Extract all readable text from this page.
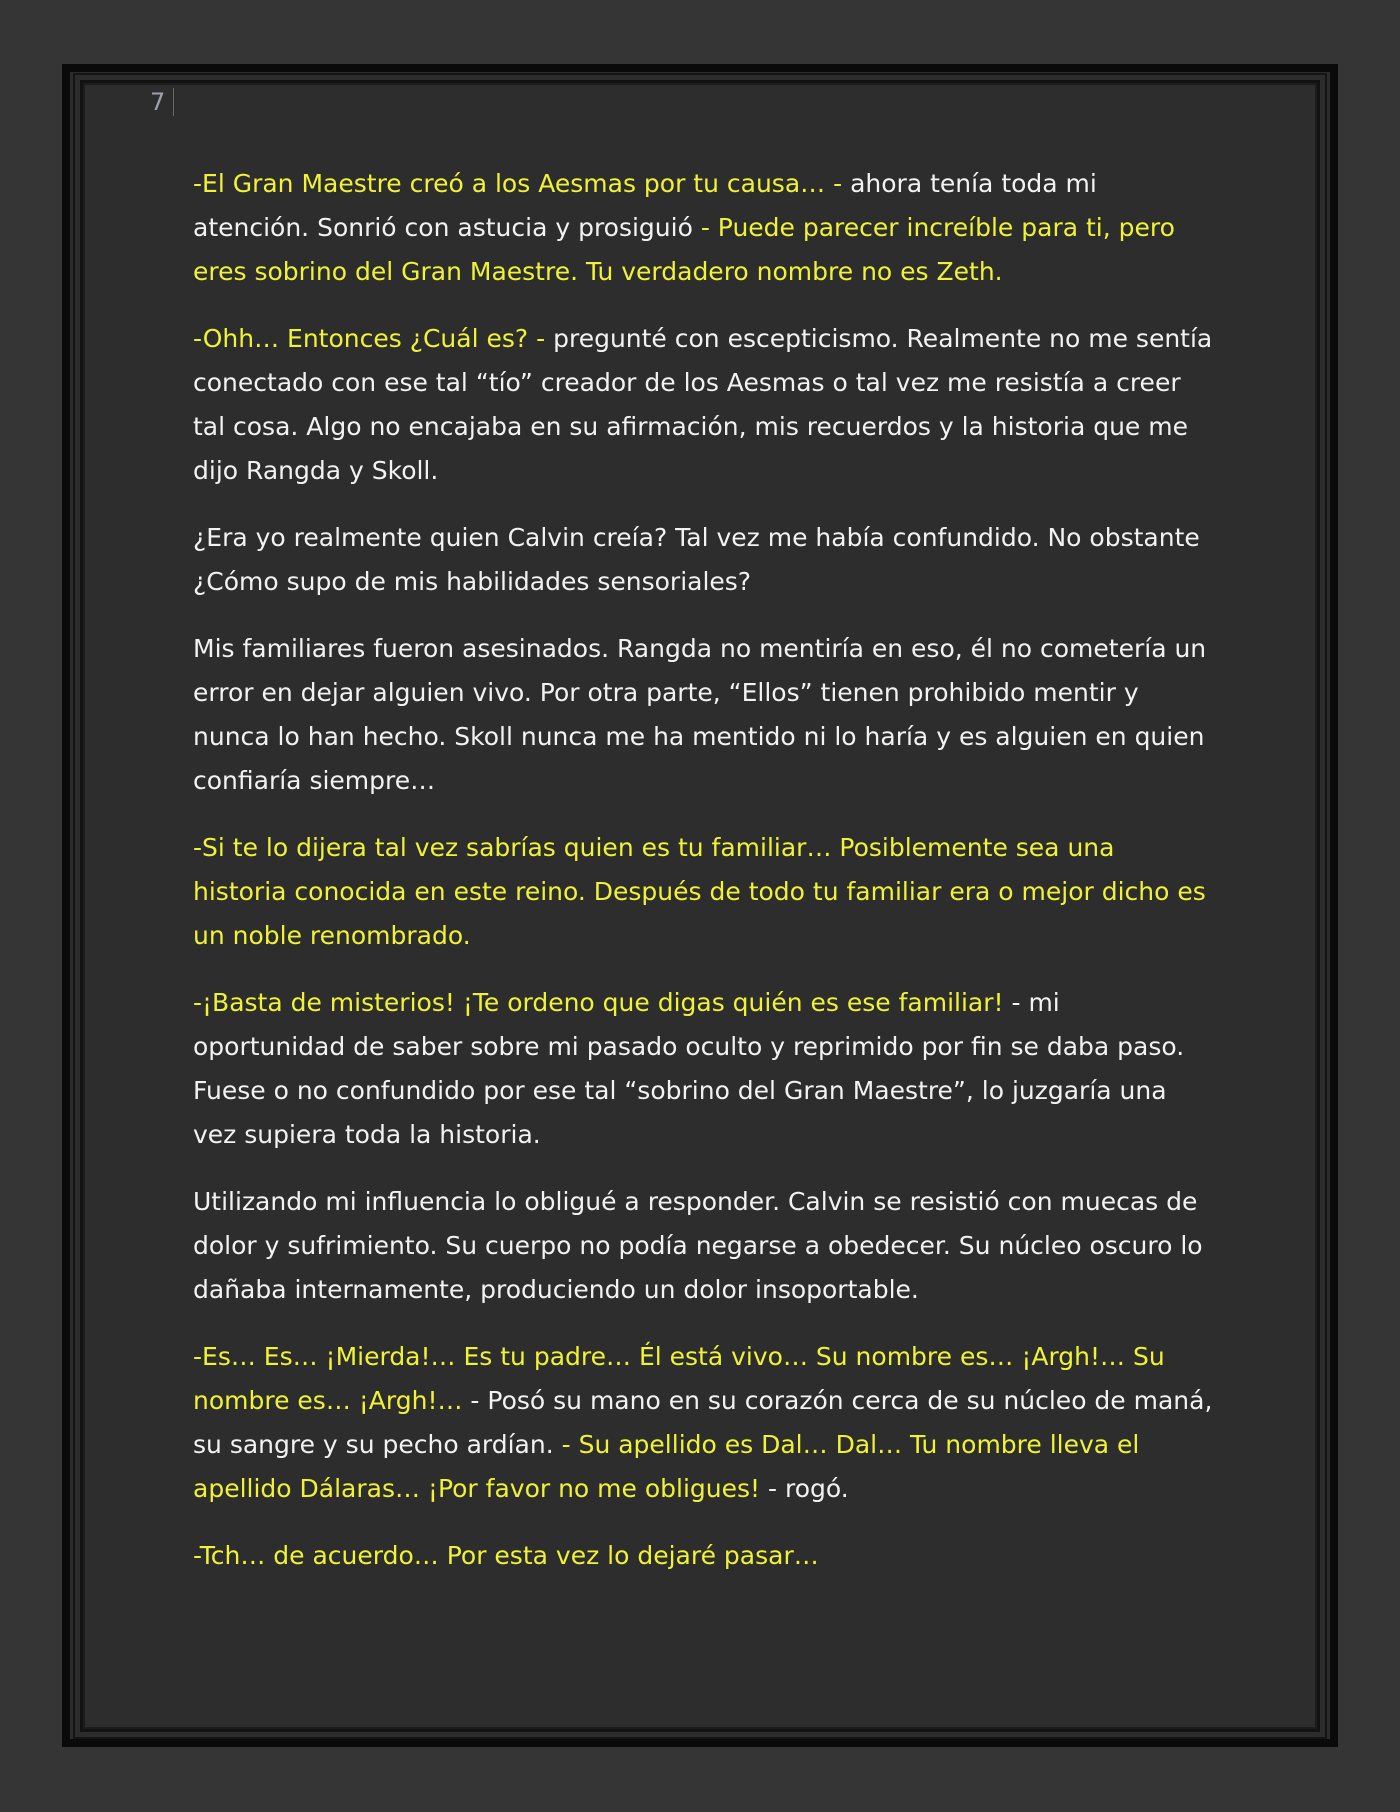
7

-El Gran Maestre creó a los Aesmas por tu causa… - ahora tenía toda mi atención. Sonrió con astucia y prosiguió - Puede parecer increíble para ti, pero eres sobrino del Gran Maestre. Tu verdadero nombre no es Zeth.

-Ohh… Entonces ¿Cuál es? - pregunté con escepticismo. Realmente no me sentía conectado con ese tal “tío” creador de los Aesmas o tal vez me resistía a creer tal cosa. Algo no encajaba en su afirmación, mis recuerdos y la historia que me dijo Rangda y Skoll.

¿Era yo realmente quien Calvin creía? Tal vez me había confundido. No obstante ¿Cómo supo de mis habilidades sensoriales?

Mis familiares fueron asesinados. Rangda no mentiría en eso, él no cometería un error en dejar alguien vivo. Por otra parte, “Ellos” tienen prohibido mentir y nunca lo han hecho. Skoll nunca me ha mentido ni lo haría y es alguien en quien confiaría siempre…

-Si te lo dijera tal vez sabrías quien es tu familiar… Posiblemente sea una historia conocida en este reino. Después de todo tu familiar era o mejor dicho es un noble renombrado.

-¡Basta de misterios! ¡Te ordeno que digas quién es ese familiar! - mi oportunidad de saber sobre mi pasado oculto y reprimido por fin se daba paso. Fuese o no confundido por ese tal “sobrino del Gran Maestre”, lo juzgaría una vez supiera toda la historia.

Utilizando mi influencia lo obligué a responder. Calvin se resistió con muecas de dolor y sufrimiento. Su cuerpo no podía negarse a obedecer. Su núcleo oscuro lo dañaba internamente, produciendo un dolor insoportable.

-Es… Es… ¡Mierda!… Es tu padre… Él está vivo… Su nombre es… ¡Argh!… Su nombre es… ¡Argh!… - Posó su mano en su corazón cerca de su núcleo de maná, su sangre y su pecho ardían. - Su apellido es Dal… Dal… Tu nombre lleva el apellido Dálaras… ¡Por favor no me obligues! - rogó.

-Tch… de acuerdo… Por esta vez lo dejaré pasar…
